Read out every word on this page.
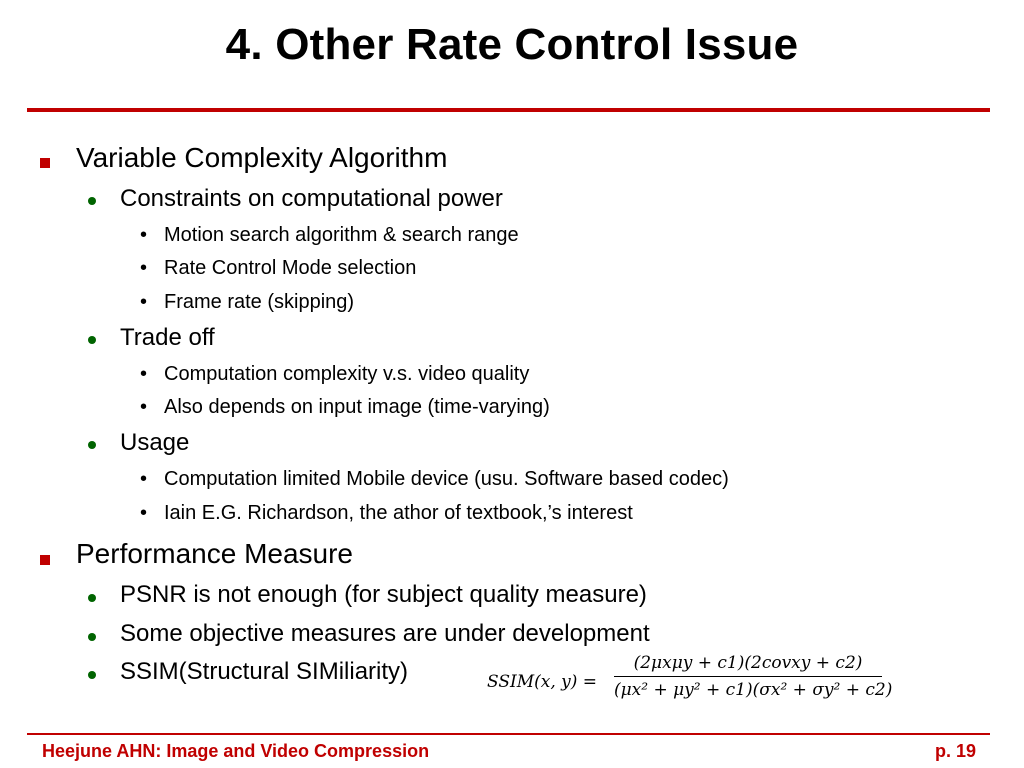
4. Other Rate Control Issue
Variable Complexity Algorithm
Constraints on computational power
• Motion search algorithm & search range
• Rate Control Mode selection
• Frame rate (skipping)
Trade off
• Computation complexity v.s. video quality
• Also depends on input image (time-varying)
Usage
• Computation limited Mobile device (usu. Software based codec)
• Iain E.G. Richardson, the athor of textbook,’s interest
Performance Measure
PSNR is not enough (for subject quality measure)
Some objective measures are under development
SSIM(Structural SIMiliarity)	SSIM(x, y) =
(2μxμy + c1)(2covxy + c2)
(μx² + μy² + c1)(σx² + σy² + c2)
Heejune AHN: Image and Video Compression	p. 19
